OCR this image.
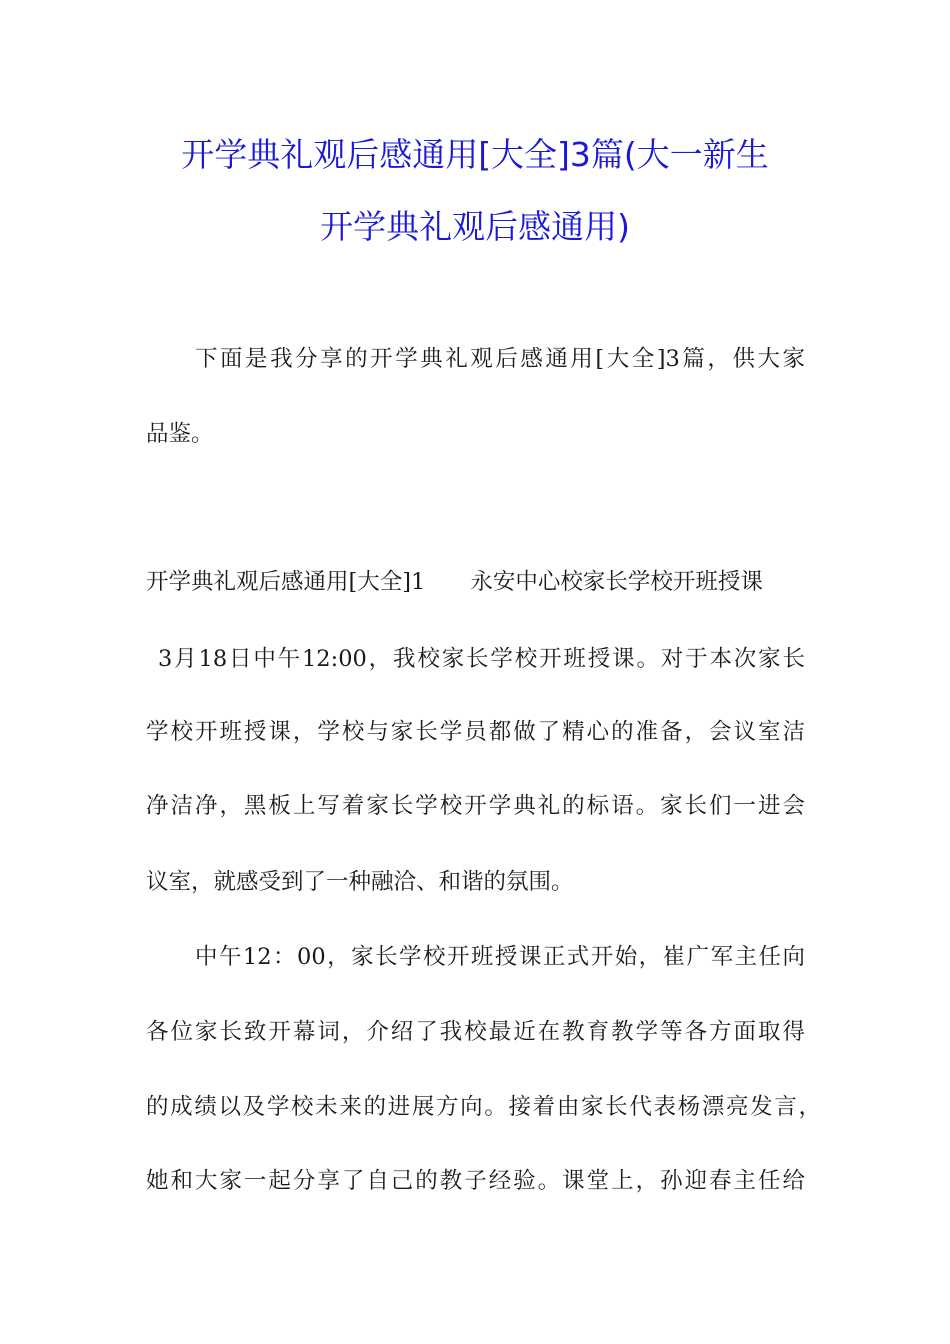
开学典礼观后感通用[大全]3篇(大一新生
开学典礼观后感通用)

下面是我分享的开学典礼观后感通用[大全]3篇，供大家

品鉴。

开学典礼观后感通用[大全]1　　永安中心校家长学校开班授课

3月18日中午12:00，我校家长学校开班授课。对于本次家长

学校开班授课，学校与家长学员都做了精心的准备，会议室洁

净洁净，黑板上写着家长学校开学典礼的标语。家长们一进会

议室，就感受到了一种融洽、和谐的氛围。

中午12：00，家长学校开班授课正式开始，崔广军主任向

各位家长致开幕词，介绍了我校最近在教育教学等各方面取得

的成绩以及学校未来的进展方向。接着由家长代表杨漂亮发言，

她和大家一起分享了自己的教子经验。课堂上，孙迎春主任给
